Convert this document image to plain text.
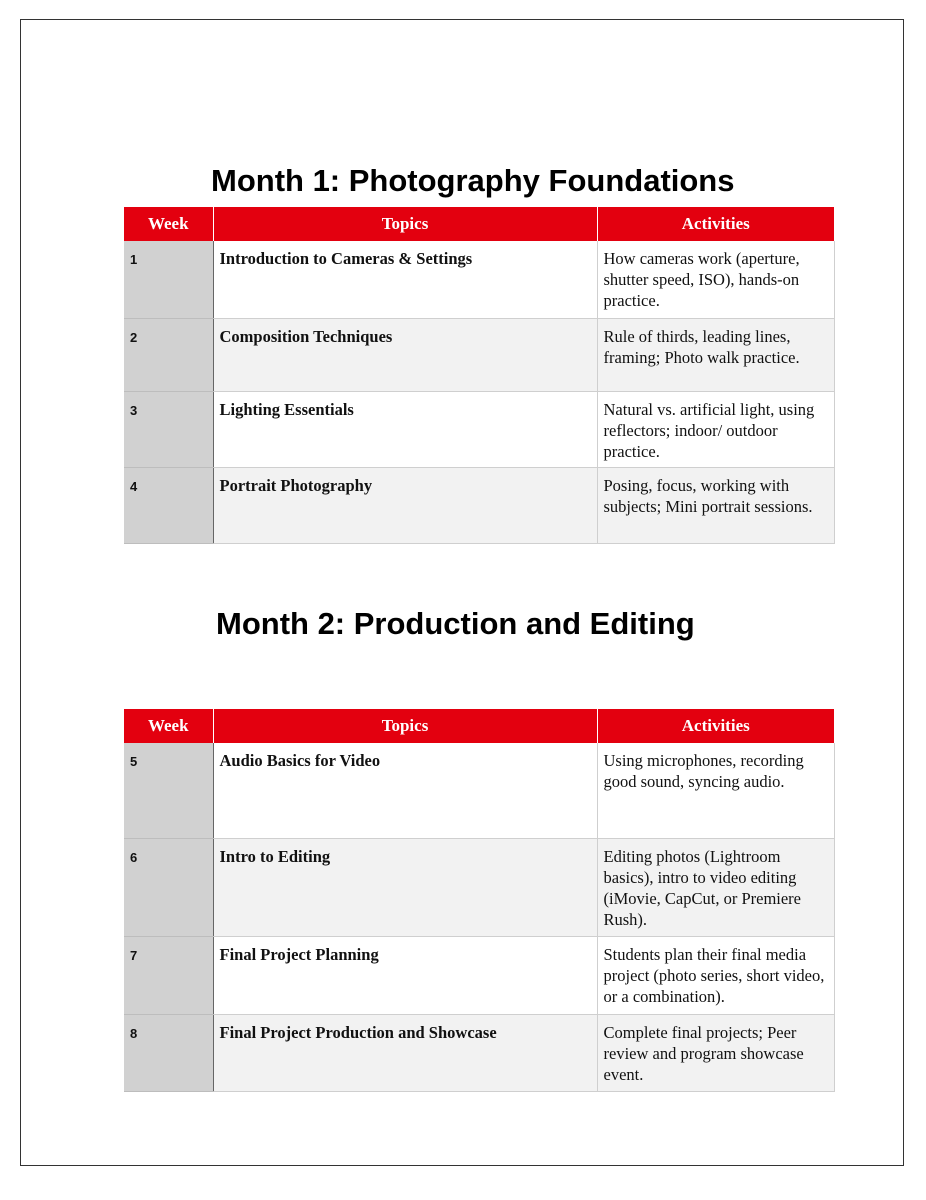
Month 1: Photography Foundations
Week	Topics	Activities
1	Introduction to Cameras & Settings	How cameras work (aperture, shutter speed, ISO), hands-on practice.
2	Composition Techniques	Rule of thirds, leading lines, framing; Photo walk practice.
3	Lighting Essentials	Natural vs. artificial light, using reflectors; indoor/ outdoor practice.
4	Portrait Photography	Posing, focus, working with subjects; Mini portrait sessions.
Month 2: Production and Editing
Week	Topics	Activities
5	Audio Basics for Video	Using microphones, recording good sound, syncing audio.
6	Intro to Editing	Editing photos (Lightroom basics), intro to video editing (iMovie, CapCut, or Premiere Rush).
7	Final Project Planning	Students plan their final media project (photo series, short video, or a combination).
8	Final Project Production and Showcase	Complete final projects; Peer review and program showcase event.
